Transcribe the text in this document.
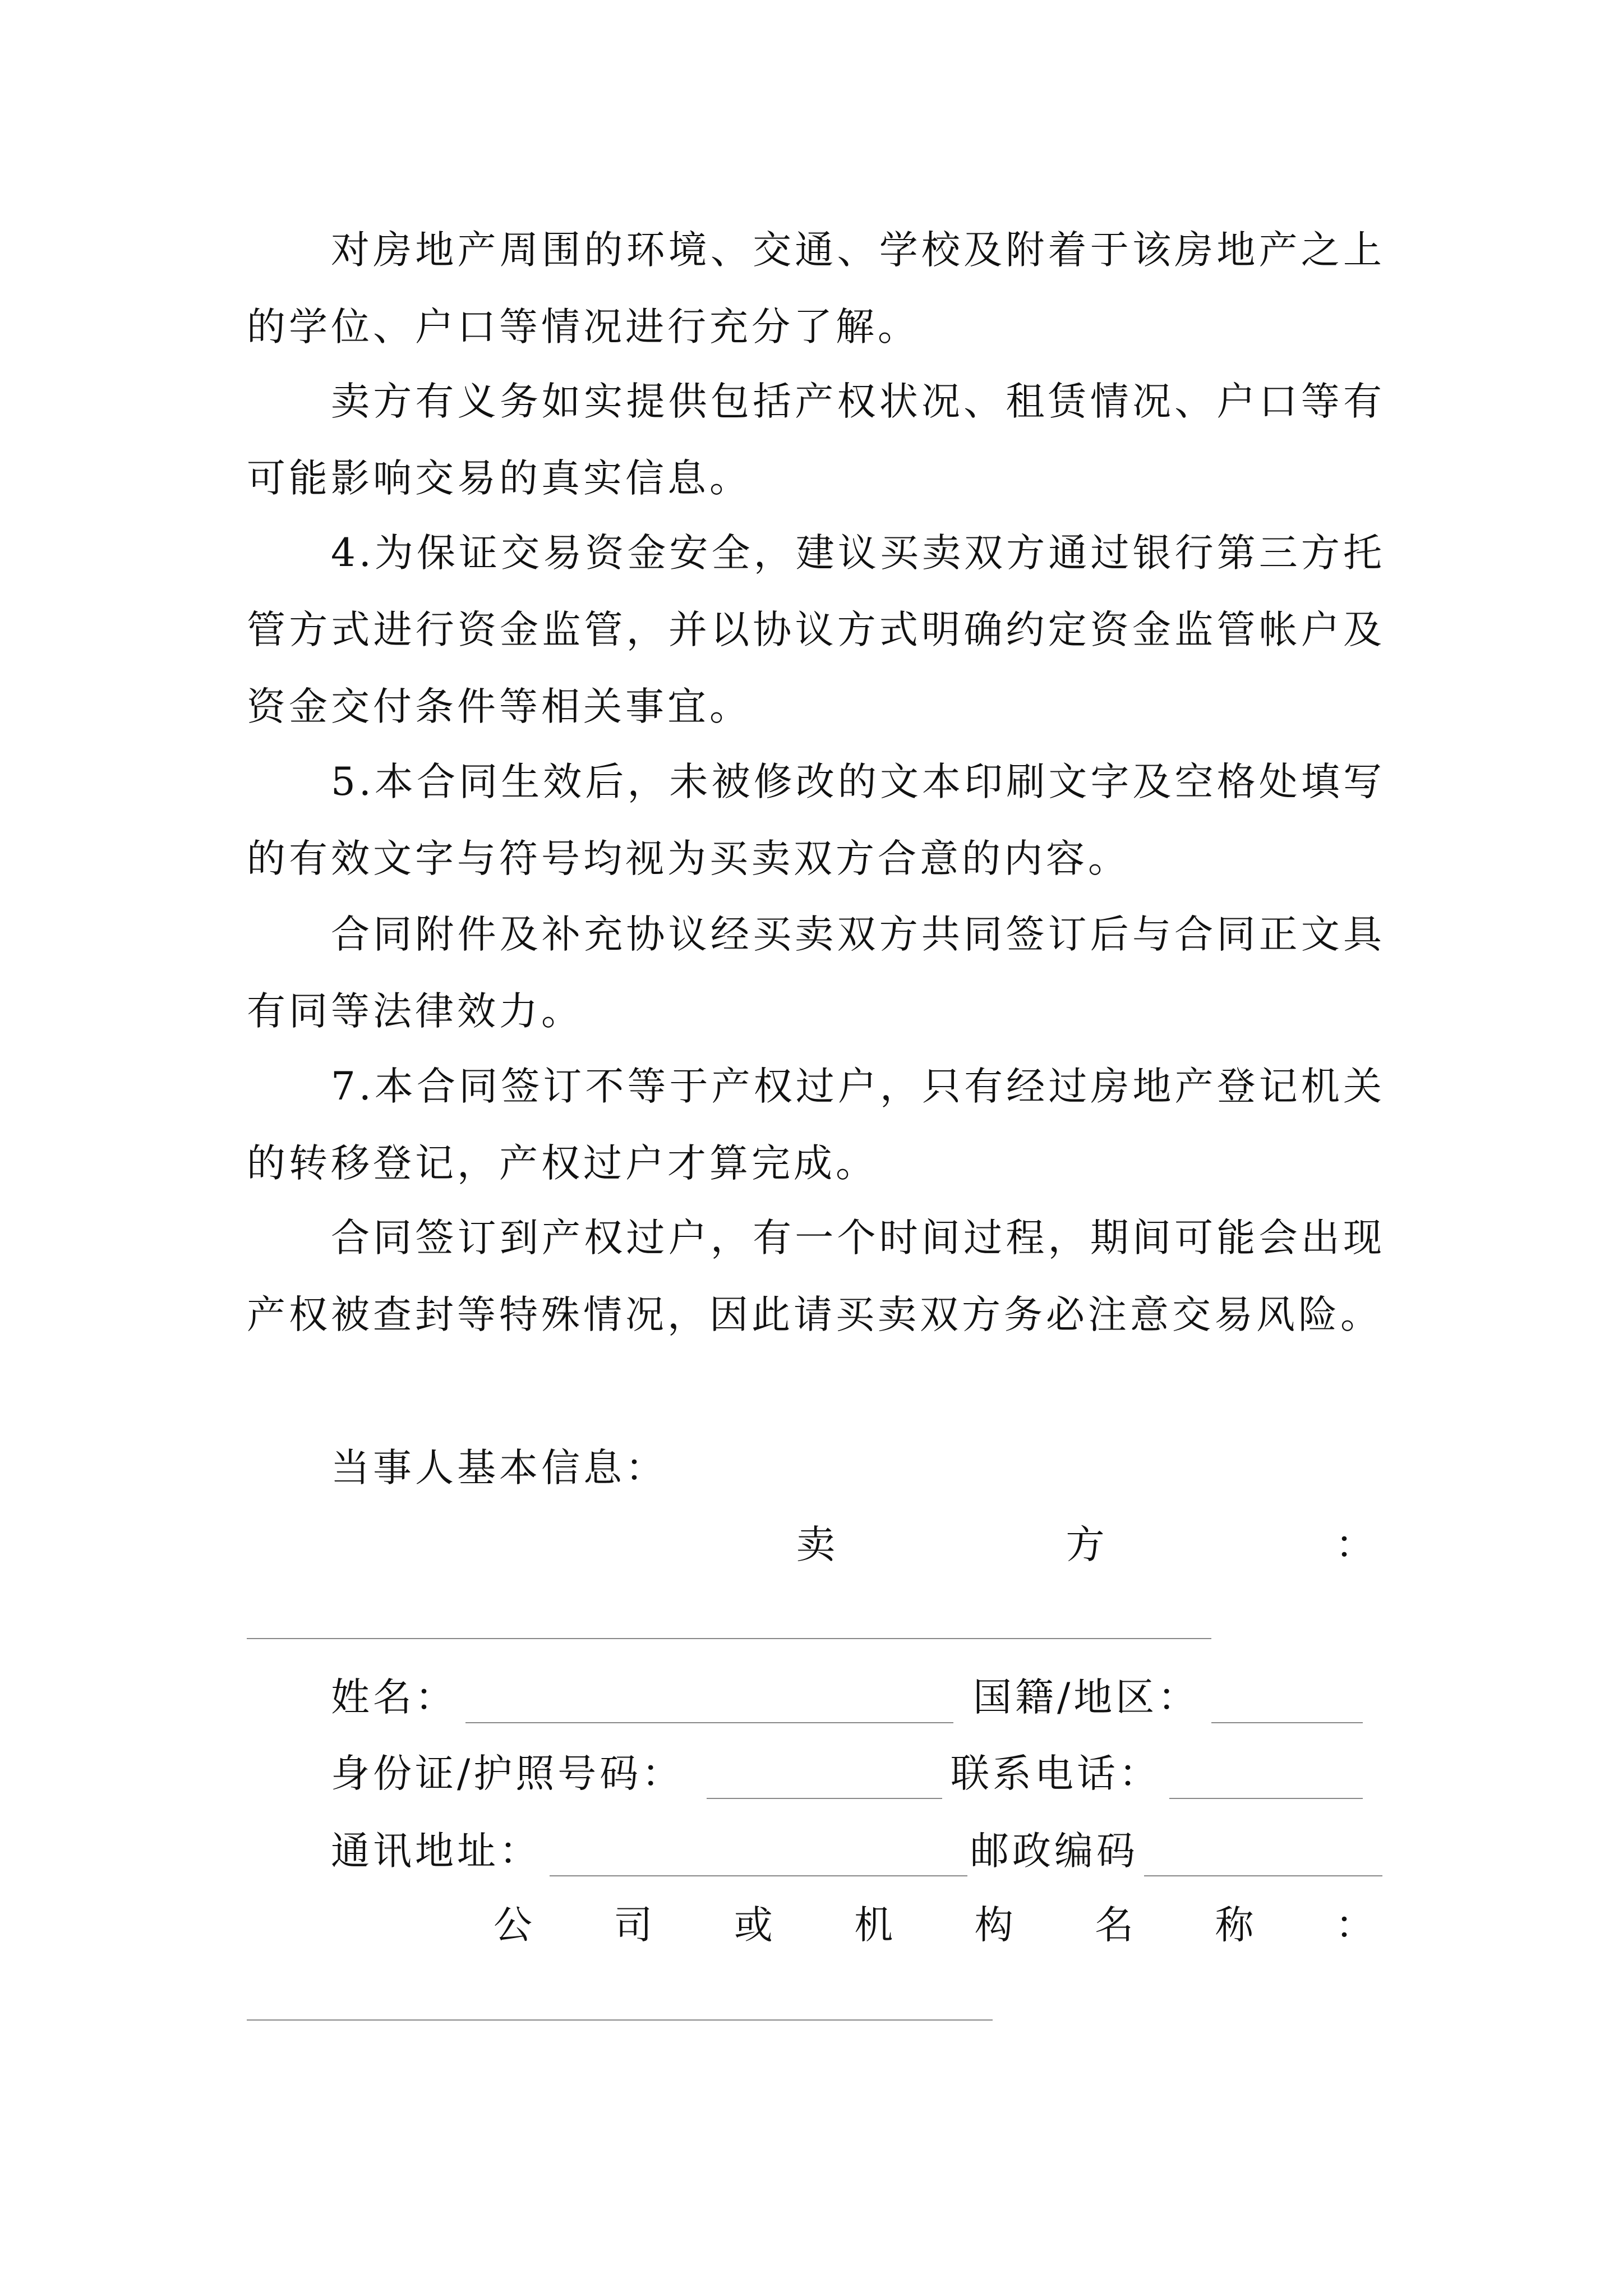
对房地产周围的环境、交通、学校及附着于该房地产之上的学位、户口等情况进行充分了解。

卖方有义务如实提供包括产权状况、租赁情况、户口等有可能影响交易的真实信息。

4.为保证交易资金安全，建议买卖双方通过银行第三方托管方式进行资金监管，并以协议方式明确约定资金监管帐户及资金交付条件等相关事宜。

5.本合同生效后，未被修改的文本印刷文字及空格处填写的有效文字与符号均视为买卖双方合意的内容。

合同附件及补充协议经买卖双方共同签订后与合同正文具有同等法律效力。

7.本合同签订不等于产权过户，只有经过房地产登记机关的转移登记，产权过户才算完成。

合同签订到产权过户，有一个时间过程，期间可能会出现产权被查封等特殊情况，因此请买卖双方务必注意交易风险。

当事人基本信息：
卖	方	：
姓名：	国籍/地区：
身份证/护照号码：	联系电话：
通讯地址：	邮政编码
公 司 或 机 构 名 称 ：
